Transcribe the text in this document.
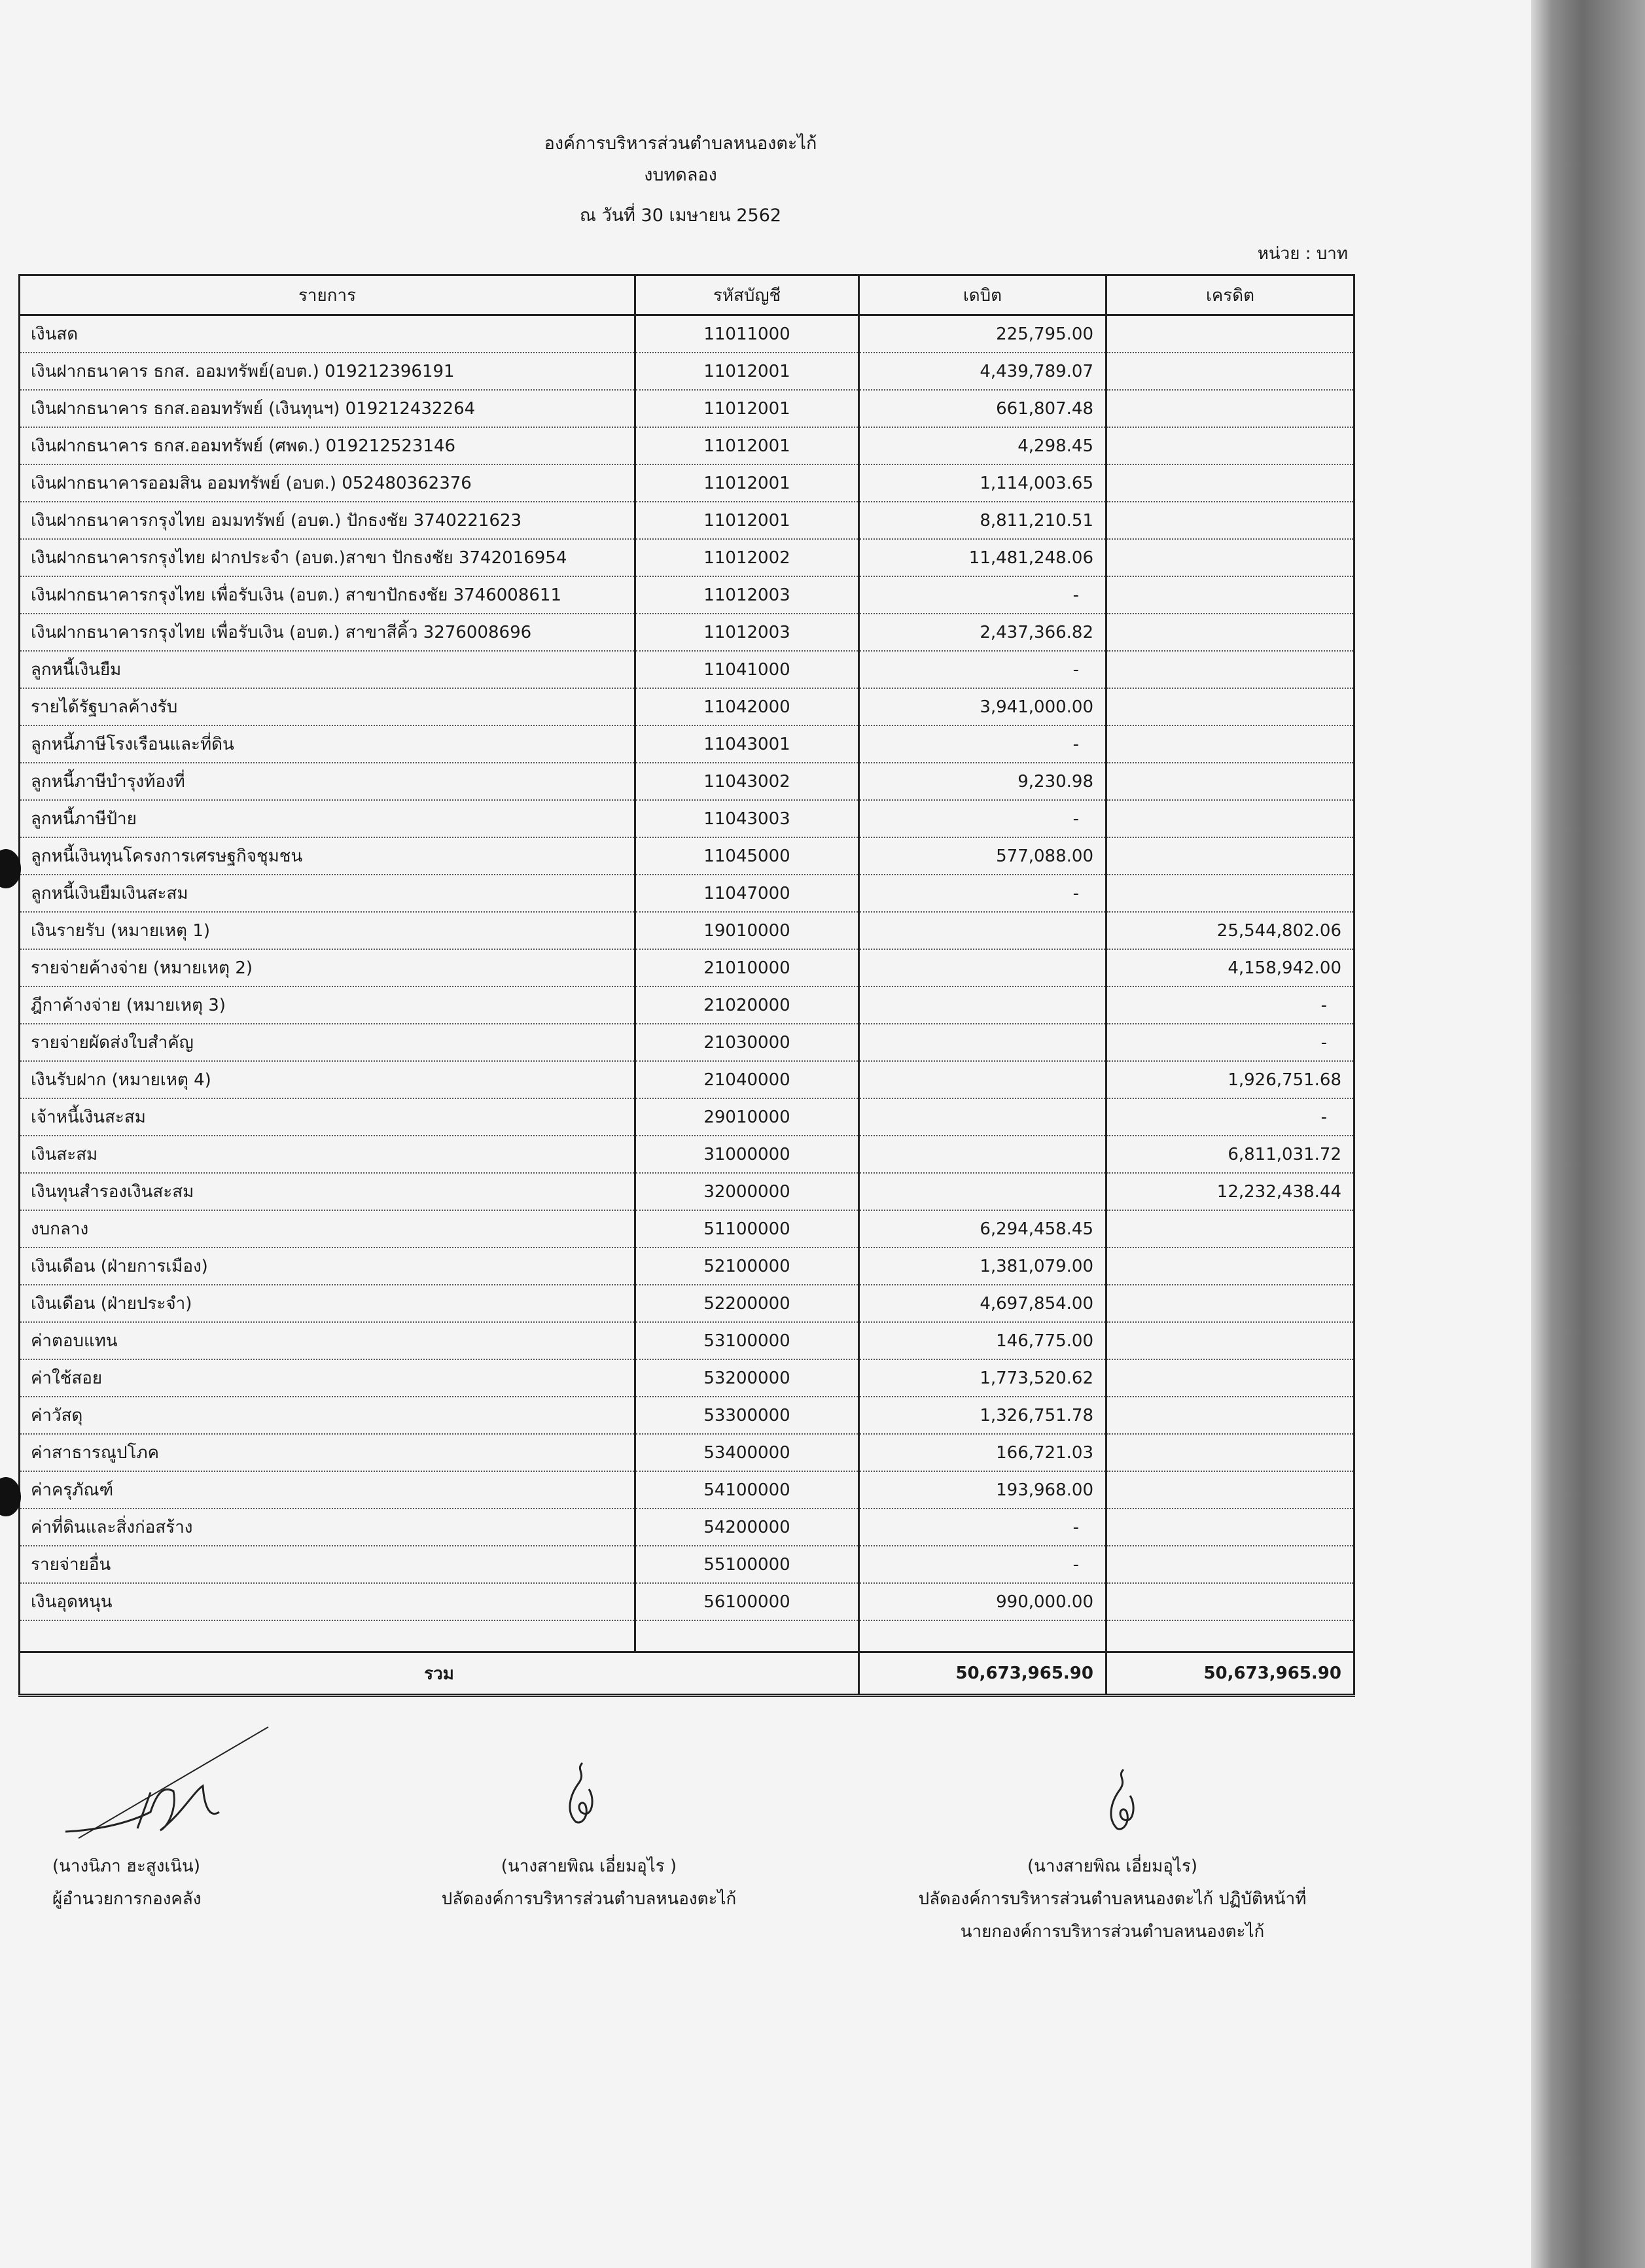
องค์การบริหารส่วนตำบลหนองตะไก้
งบทดลอง
ณ วันที่ 30 เมษายน 2562
หน่วย : บาท
รายการ	รหัสบัญชี	เดบิต	เครดิต
เงินสด	11011000	225,795.00	
เงินฝากธนาคาร ธกส. ออมทรัพย์(อบต.) 019212396191	11012001	4,439,789.07	
เงินฝากธนาคาร ธกส.ออมทรัพย์ (เงินทุนฯ) 019212432264	11012001	661,807.48	
เงินฝากธนาคาร ธกส.ออมทรัพย์ (ศพด.) 019212523146	11012001	4,298.45	
เงินฝากธนาคารออมสิน ออมทรัพย์ (อบต.) 052480362376	11012001	1,114,003.65	
เงินฝากธนาคารกรุงไทย อมมทรัพย์ (อบต.) ปักธงชัย 3740221623	11012001	8,811,210.51	
เงินฝากธนาคารกรุงไทย ฝากประจำ (อบต.)สาขา ปักธงชัย 3742016954	11012002	11,481,248.06	
เงินฝากธนาคารกรุงไทย เพื่อรับเงิน (อบต.) สาขาปักธงชัย 3746008611	11012003	-	
เงินฝากธนาคารกรุงไทย เพื่อรับเงิน (อบต.) สาขาสีคิ้ว 3276008696	11012003	2,437,366.82	
ลูกหนี้เงินยืม	11041000	-	
รายได้รัฐบาลค้างรับ	11042000	3,941,000.00	
ลูกหนี้ภาษีโรงเรือนและที่ดิน	11043001	-	
ลูกหนี้ภาษีบำรุงท้องที่	11043002	9,230.98	
ลูกหนี้ภาษีป้าย	11043003	-	
ลูกหนี้เงินทุนโครงการเศรษฐกิจชุมชน	11045000	577,088.00	
ลูกหนี้เงินยืมเงินสะสม	11047000	-	
เงินรายรับ (หมายเหตุ 1)	19010000		25,544,802.06
รายจ่ายค้างจ่าย (หมายเหตุ 2)	21010000		4,158,942.00
ฎีกาค้างจ่าย (หมายเหตุ 3)	21020000		-
รายจ่ายผัดส่งใบสำคัญ	21030000		-
เงินรับฝาก (หมายเหตุ 4)	21040000		1,926,751.68
เจ้าหนี้เงินสะสม	29010000		-
เงินสะสม	31000000		6,811,031.72
เงินทุนสำรองเงินสะสม	32000000		12,232,438.44
งบกลาง	51100000	6,294,458.45	
เงินเดือน (ฝ่ายการเมือง)	52100000	1,381,079.00	
เงินเดือน (ฝ่ายประจำ)	52200000	4,697,854.00	
ค่าตอบแทน	53100000	146,775.00	
ค่าใช้สอย	53200000	1,773,520.62	
ค่าวัสดุ	53300000	1,326,751.78	
ค่าสาธารณูปโภค	53400000	166,721.03	
ค่าครุภัณฑ์	54100000	193,968.00	
ค่าที่ดินและสิ่งก่อสร้าง	54200000	-	
รายจ่ายอื่น	55100000	-	
เงินอุดหนุน	56100000	990,000.00	

รวม		50,673,965.90	50,673,965.90
(นางนิภา ฮะสูงเนิน)
ผู้อำนวยการกองคลัง
(นางสายพิณ เอี่ยมอุไร )
ปลัดองค์การบริหารส่วนตำบลหนองตะไก้
(นางสายพิณ เอี่ยมอุไร)
ปลัดองค์การบริหารส่วนตำบลหนองตะไก้ ปฏิบัติหน้าที่
นายกองค์การบริหารส่วนตำบลหนองตะไก้
